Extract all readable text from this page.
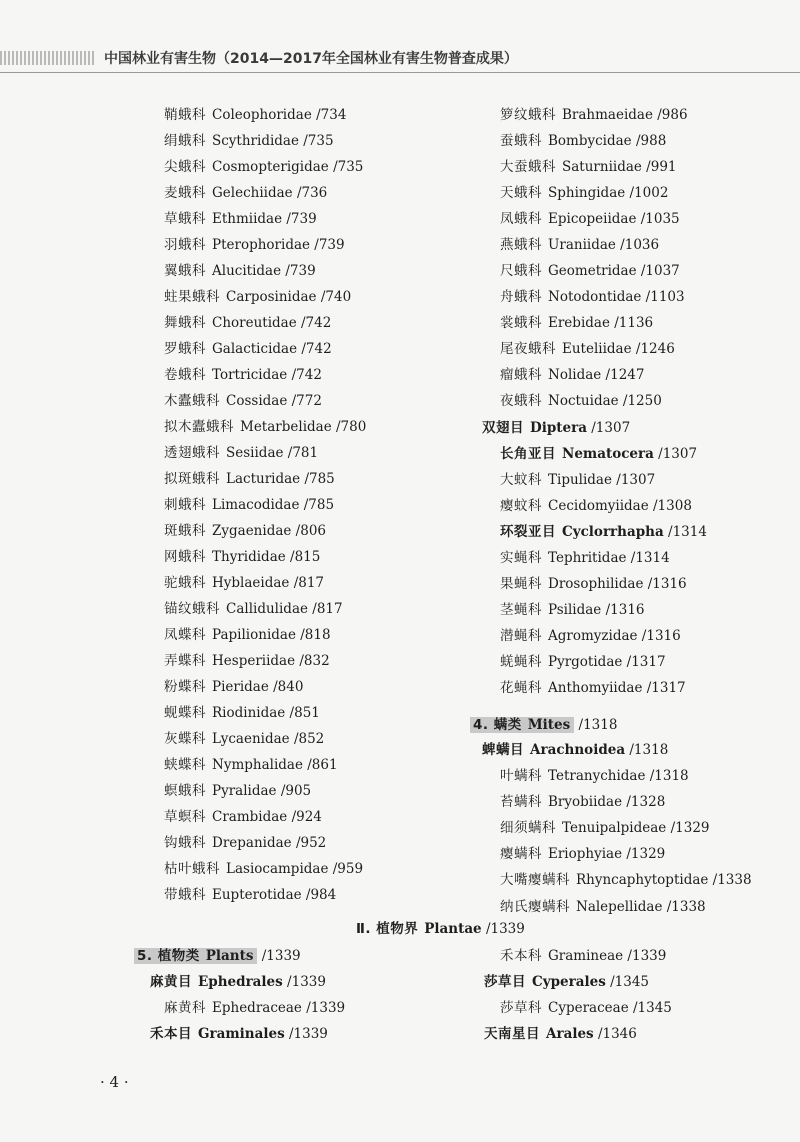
中国林业有害生物（2014—2017年全国林业有害生物普查成果）
鞘蛾科 Coleophoridae /734
绢蛾科 Scythrididae /735
尖蛾科 Cosmopterigidae /735
麦蛾科 Gelechiidae /736
草蛾科 Ethmiidae /739
羽蛾科 Pterophoridae /739
翼蛾科 Alucitidae /739
蛀果蛾科 Carposinidae /740
舞蛾科 Choreutidae /742
罗蛾科 Galacticidae /742
卷蛾科 Tortricidae /742
木蠹蛾科 Cossidae /772
拟木蠹蛾科 Metarbelidae /780
透翅蛾科 Sesiidae /781
拟斑蛾科 Lacturidae /785
刺蛾科 Limacodidae /785
斑蛾科 Zygaenidae /806
网蛾科 Thyrididae /815
驼蛾科 Hyblaeidae /817
锚纹蛾科 Callidulidae /817
凤蝶科 Papilionidae /818
弄蝶科 Hesperiidae /832
粉蝶科 Pieridae /840
蚬蝶科 Riodinidae /851
灰蝶科 Lycaenidae /852
蛱蝶科 Nymphalidae /861
螟蛾科 Pyralidae /905
草螟科 Crambidae /924
钩蛾科 Drepanidae /952
枯叶蛾科 Lasiocampidae /959
带蛾科 Eupterotidae /984
箩纹蛾科 Brahmaeidae /986
蚕蛾科 Bombycidae /988
大蚕蛾科 Saturniidae /991
天蛾科 Sphingidae /1002
凤蛾科 Epicopeiidae /1035
燕蛾科 Uraniidae /1036
尺蛾科 Geometridae /1037
舟蛾科 Notodontidae /1103
裳蛾科 Erebidae /1136
尾夜蛾科 Euteliidae /1246
瘤蛾科 Nolidae /1247
夜蛾科 Noctuidae /1250
双翅目 Diptera /1307
长角亚目 Nematocera /1307
大蚊科 Tipulidae /1307
瘿蚊科 Cecidomyiidae /1308
环裂亚目 Cyclorrhapha /1314
实蝇科 Tephritidae /1314
果蝇科 Drosophilidae /1316
茎蝇科 Psilidae /1316
潜蝇科 Agromyzidae /1316
蜣蝇科 Pyrgotidae /1317
花蝇科 Anthomyiidae /1317
4. 螨类 Mites /1318
蜱螨目 Arachnoidea /1318
叶螨科 Tetranychidae /1318
苔螨科 Bryobiidae /1328
细须螨科 Tenuipalpideae /1329
瘿螨科 Eriophyiae /1329
大嘴瘿螨科 Rhyncaphytoptidae /1338
纳氏瘿螨科 Nalepellidae /1338
Ⅱ. 植物界 Plantae /1339
5. 植物类 Plants /1339
麻黄目 Ephedrales /1339
麻黄科 Ephedraceae /1339
禾本目 Graminales /1339
禾本科 Gramineae /1339
莎草目 Cyperales /1345
莎草科 Cyperaceae /1345
天南星目 Arales /1346
· 4 ·
